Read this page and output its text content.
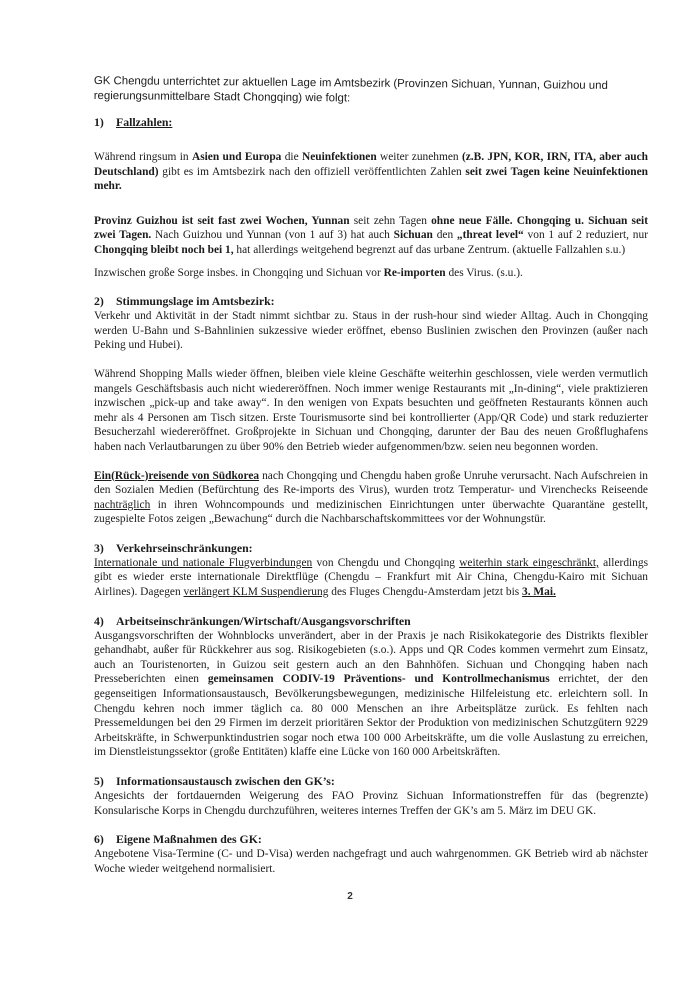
GK Chengdu unterrichtet zur aktuellen Lage im Amtsbezirk (Provinzen Sichuan, Yunnan, Guizhou und regierungsunmittelbare Stadt Chongqing) wie folgt:

1) Fallzahlen:

Während ringsum in Asien und Europa die Neuinfektionen weiter zunehmen (z.B. JPN, KOR, IRN, ITA, aber auch Deutschland) gibt es im Amtsbezirk nach den offiziell veröffentlichten Zahlen seit zwei Tagen keine Neuinfektionen mehr.

Provinz Guizhou ist seit fast zwei Wochen, Yunnan seit zehn Tagen ohne neue Fälle. Chongqing u. Sichuan seit zwei Tagen. Nach Guizhou und Yunnan (von 1 auf 3) hat auch Sichuan den „threat level“ von 1 auf 2 reduziert, nur Chongqing bleibt noch bei 1, hat allerdings weitgehend begrenzt auf das urbane Zentrum. (aktuelle Fallzahlen s.u.)

Inzwischen große Sorge insbes. in Chongqing und Sichuan vor Re-importen des Virus. (s.u.).

2) Stimmungslage im Amtsbezirk:

Verkehr und Aktivität in der Stadt nimmt sichtbar zu. Staus in der rush-hour sind wieder Alltag. Auch in Chongqing werden U-Bahn und S-Bahnlinien sukzessive wieder eröffnet, ebenso Buslinien zwischen den Provinzen (außer nach Peking und Hubei).

Während Shopping Malls wieder öffnen, bleiben viele kleine Geschäfte weiterhin geschlossen, viele werden vermutlich mangels Geschäftsbasis auch nicht wiedereröffnen. Noch immer wenige Restaurants mit „In-dining“, viele praktizieren inzwischen „pick-up and take away“. In den wenigen von Expats besuchten und geöffneten Restaurants können auch mehr als 4 Personen am Tisch sitzen. Erste Tourismusorte sind bei kontrollierter (App/QR Code) und stark reduzierter Besucherzahl wiedereröffnet. Großprojekte in Sichuan und Chongqing, darunter der Bau des neuen Großflughafens haben nach Verlautbarungen zu über 90% den Betrieb wieder aufgenommen/bzw. seien neu begonnen worden.

Ein(Rück-)reisende von Südkorea nach Chongqing und Chengdu haben große Unruhe verursacht. Nach Aufschreien in den Sozialen Medien (Befürchtung des Re-imports des Virus), wurden trotz Temperatur- und Virenchecks Reiseende nachträglich in ihren Wohncompounds und medizinischen Einrichtungen unter überwachte Quarantäne gestellt, zugespielte Fotos zeigen „Bewachung“ durch die Nachbarschaftskommittees vor der Wohnungstür.

3) Verkehrseinschränkungen:

Internationale und nationale Flugverbindungen von Chengdu und Chongqing weiterhin stark eingeschränkt, allerdings gibt es wieder erste internationale Direktflüge (Chengdu – Frankfurt mit Air China, Chengdu-Kairo mit Sichuan Airlines). Dagegen verlängert KLM Suspendierung des Fluges Chengdu-Amsterdam jetzt bis 3. Mai.

4) Arbeitseinschränkungen/Wirtschaft/Ausgangsvorschriften

Ausgangsvorschriften der Wohnblocks unverändert, aber in der Praxis je nach Risikokategorie des Distrikts flexibler gehandhabt, außer für Rückkehrer aus sog. Risikogebieten (s.o.). Apps und QR Codes kommen vermehrt zum Einsatz, auch an Touristenorten, in Guizou seit gestern auch an den Bahnhöfen. Sichuan und Chongqing haben nach Presseberichten einen gemeinsamen CODIV-19 Präventions- und Kontrollmechanismus errichtet, der den gegenseitigen Informationsaustausch, Bevölkerungsbewegungen, medizinische Hilfeleistung etc. erleichtern soll. In Chengdu kehren noch immer täglich ca. 80 000 Menschen an ihre Arbeitsplätze zurück. Es fehlten nach Pressemeldungen bei den 29 Firmen im derzeit prioritären Sektor der Produktion von medizinischen Schutzgütern 9229 Arbeitskräfte, in Schwerpunktindustrien sogar noch etwa 100 000 Arbeitskräfte, um die volle Auslastung zu erreichen, im Dienstleistungssektor (große Entitäten) klaffe eine Lücke von 160 000 Arbeitskräften.

5) Informationsaustausch zwischen den GK’s:

Angesichts der fortdauernden Weigerung des FAO Provinz Sichuan Informationstreffen für das (begrenzte) Konsularische Korps in Chengdu durchzuführen, weiteres internes Treffen der GK’s am 5. März im DEU GK.

6) Eigene Maßnahmen des GK:

Angebotene Visa-Termine (C- und D-Visa) werden nachgefragt und auch wahrgenommen. GK Betrieb wird ab nächster Woche wieder weitgehend normalisiert.

2
